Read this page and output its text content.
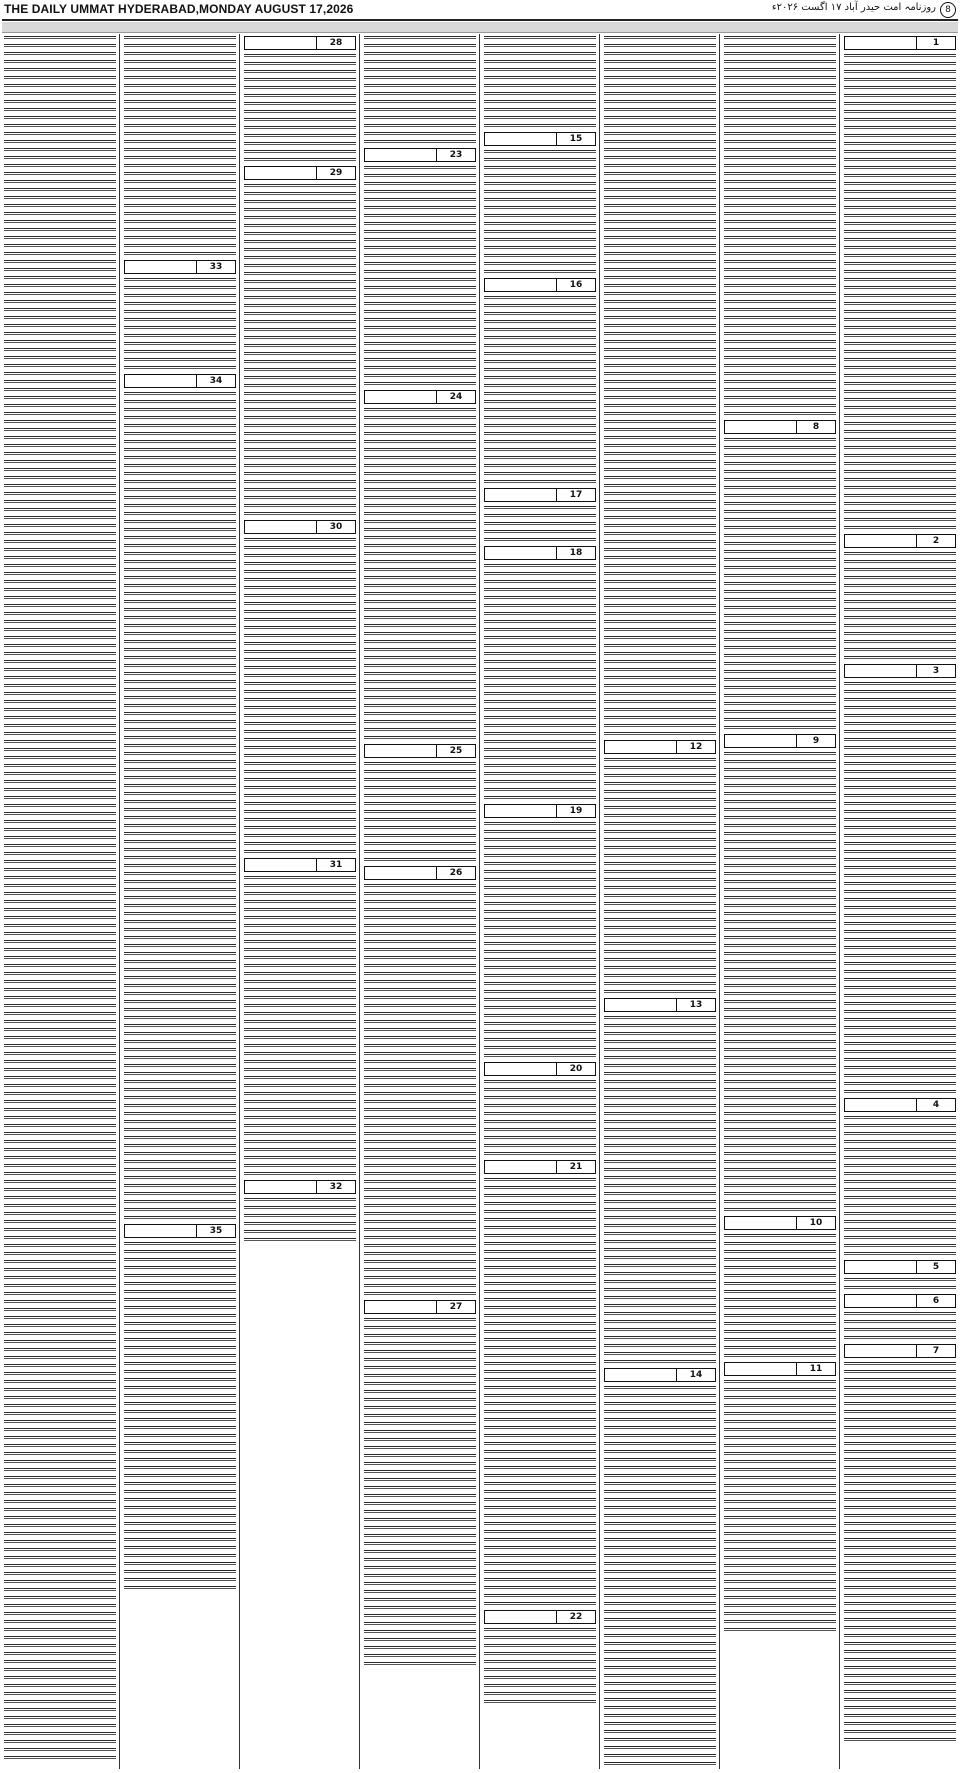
THE DAILY UMMAT HYDERABAD,MONDAY AUGUST 17,2026	روزنامہ امت حیدر آباد ۱۷ اگست ۲۰۲۶ء	8
1
2
3
4
5
6
7
8
9
10
11
12
13
14
15
16
17
18
19
20
21
22
23
24
25
26
27
28
29
30
31
32
33
34
35
